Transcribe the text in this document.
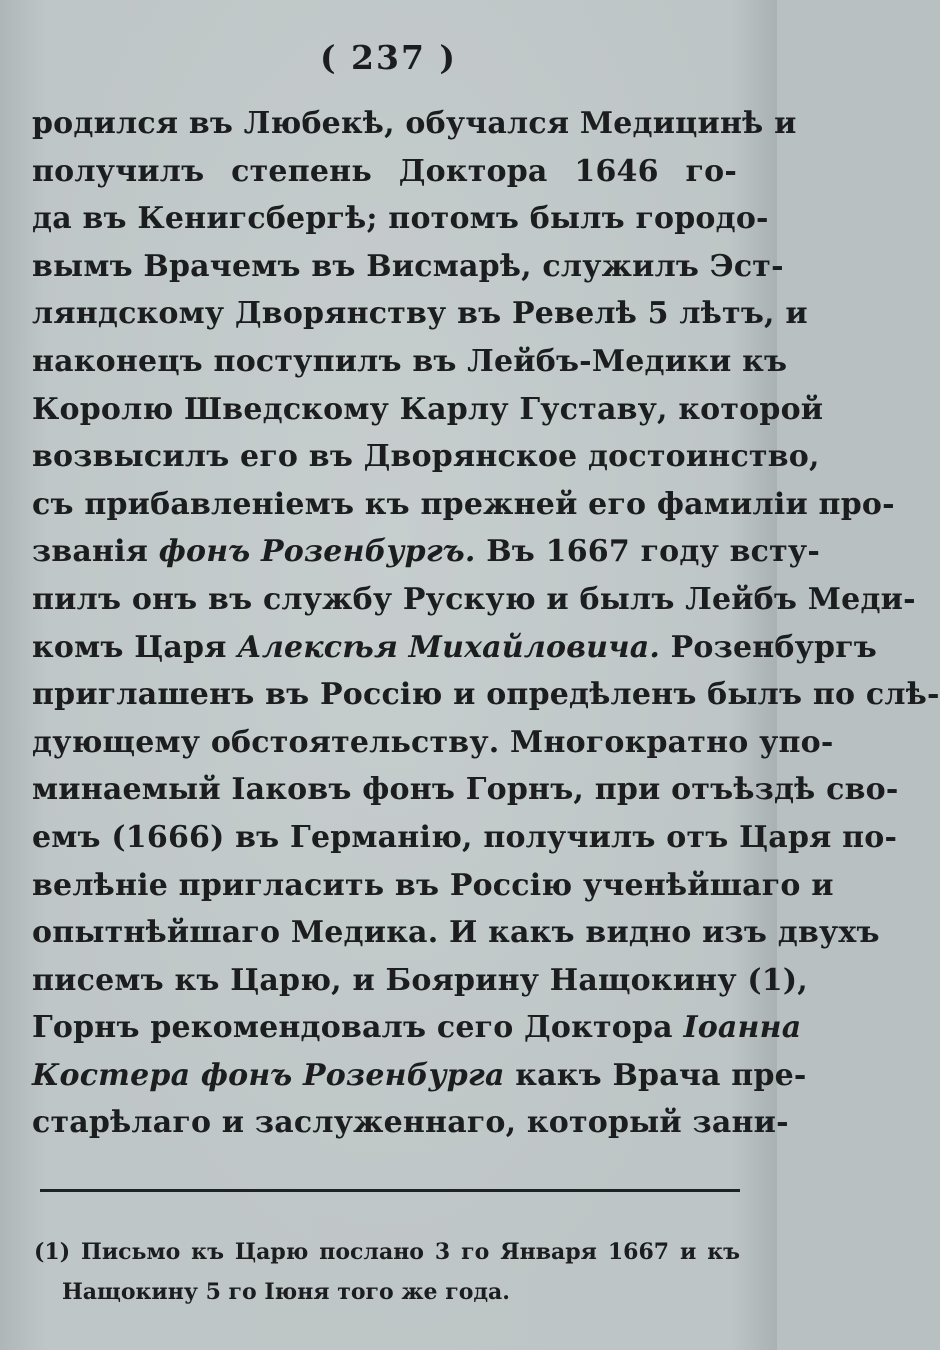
( 237 )
родился въ Любекѣ, обучался Медицинѣ и
получилъ степень Доктора 1646 го-
да въ Кенигсбергѣ; потомъ былъ городо-
вымъ Врачемъ въ Висмарѣ, служилъ Эст-
ляндскому Дворянству въ Ревелѣ 5 лѣтъ, и
наконецъ поступилъ въ Лейбъ-Медики къ
Королю Шведскому Карлу Густаву, которой
возвысилъ его въ Дворянское достоинство,
съ прибавленіемъ къ прежней его фамиліи про-
званія фонъ Розенбургъ. Въ 1667 году всту-
пилъ онъ въ службу Рускую и былъ Лейбъ Меди-
комъ Царя Алексѣя Михайловича. Розенбургъ
приглашенъ въ Россію и опредѣленъ былъ по слѣ-
дующему обстоятельству. Многократно упо-
минаемый Іаковъ фонъ Горнъ, при отъѣздѣ сво-
емъ (1666) въ Германію, получилъ отъ Царя по-
велѣніе пригласить въ Россію ученѣйшаго и
опытнѣйшаго Медика. И какъ видно изъ двухъ
писемъ къ Царю, и Боярину Нащокину (1),
Горнъ рекомендовалъ сего Доктора Іоанна
Костера фонъ Розенбурга какъ Врача пре-
старѣлаго и заслуженнаго, который зани-
(1) Письмо къ Царю послано 3 го Января 1667 и къ
Нащокину 5 го Іюня того же года.
